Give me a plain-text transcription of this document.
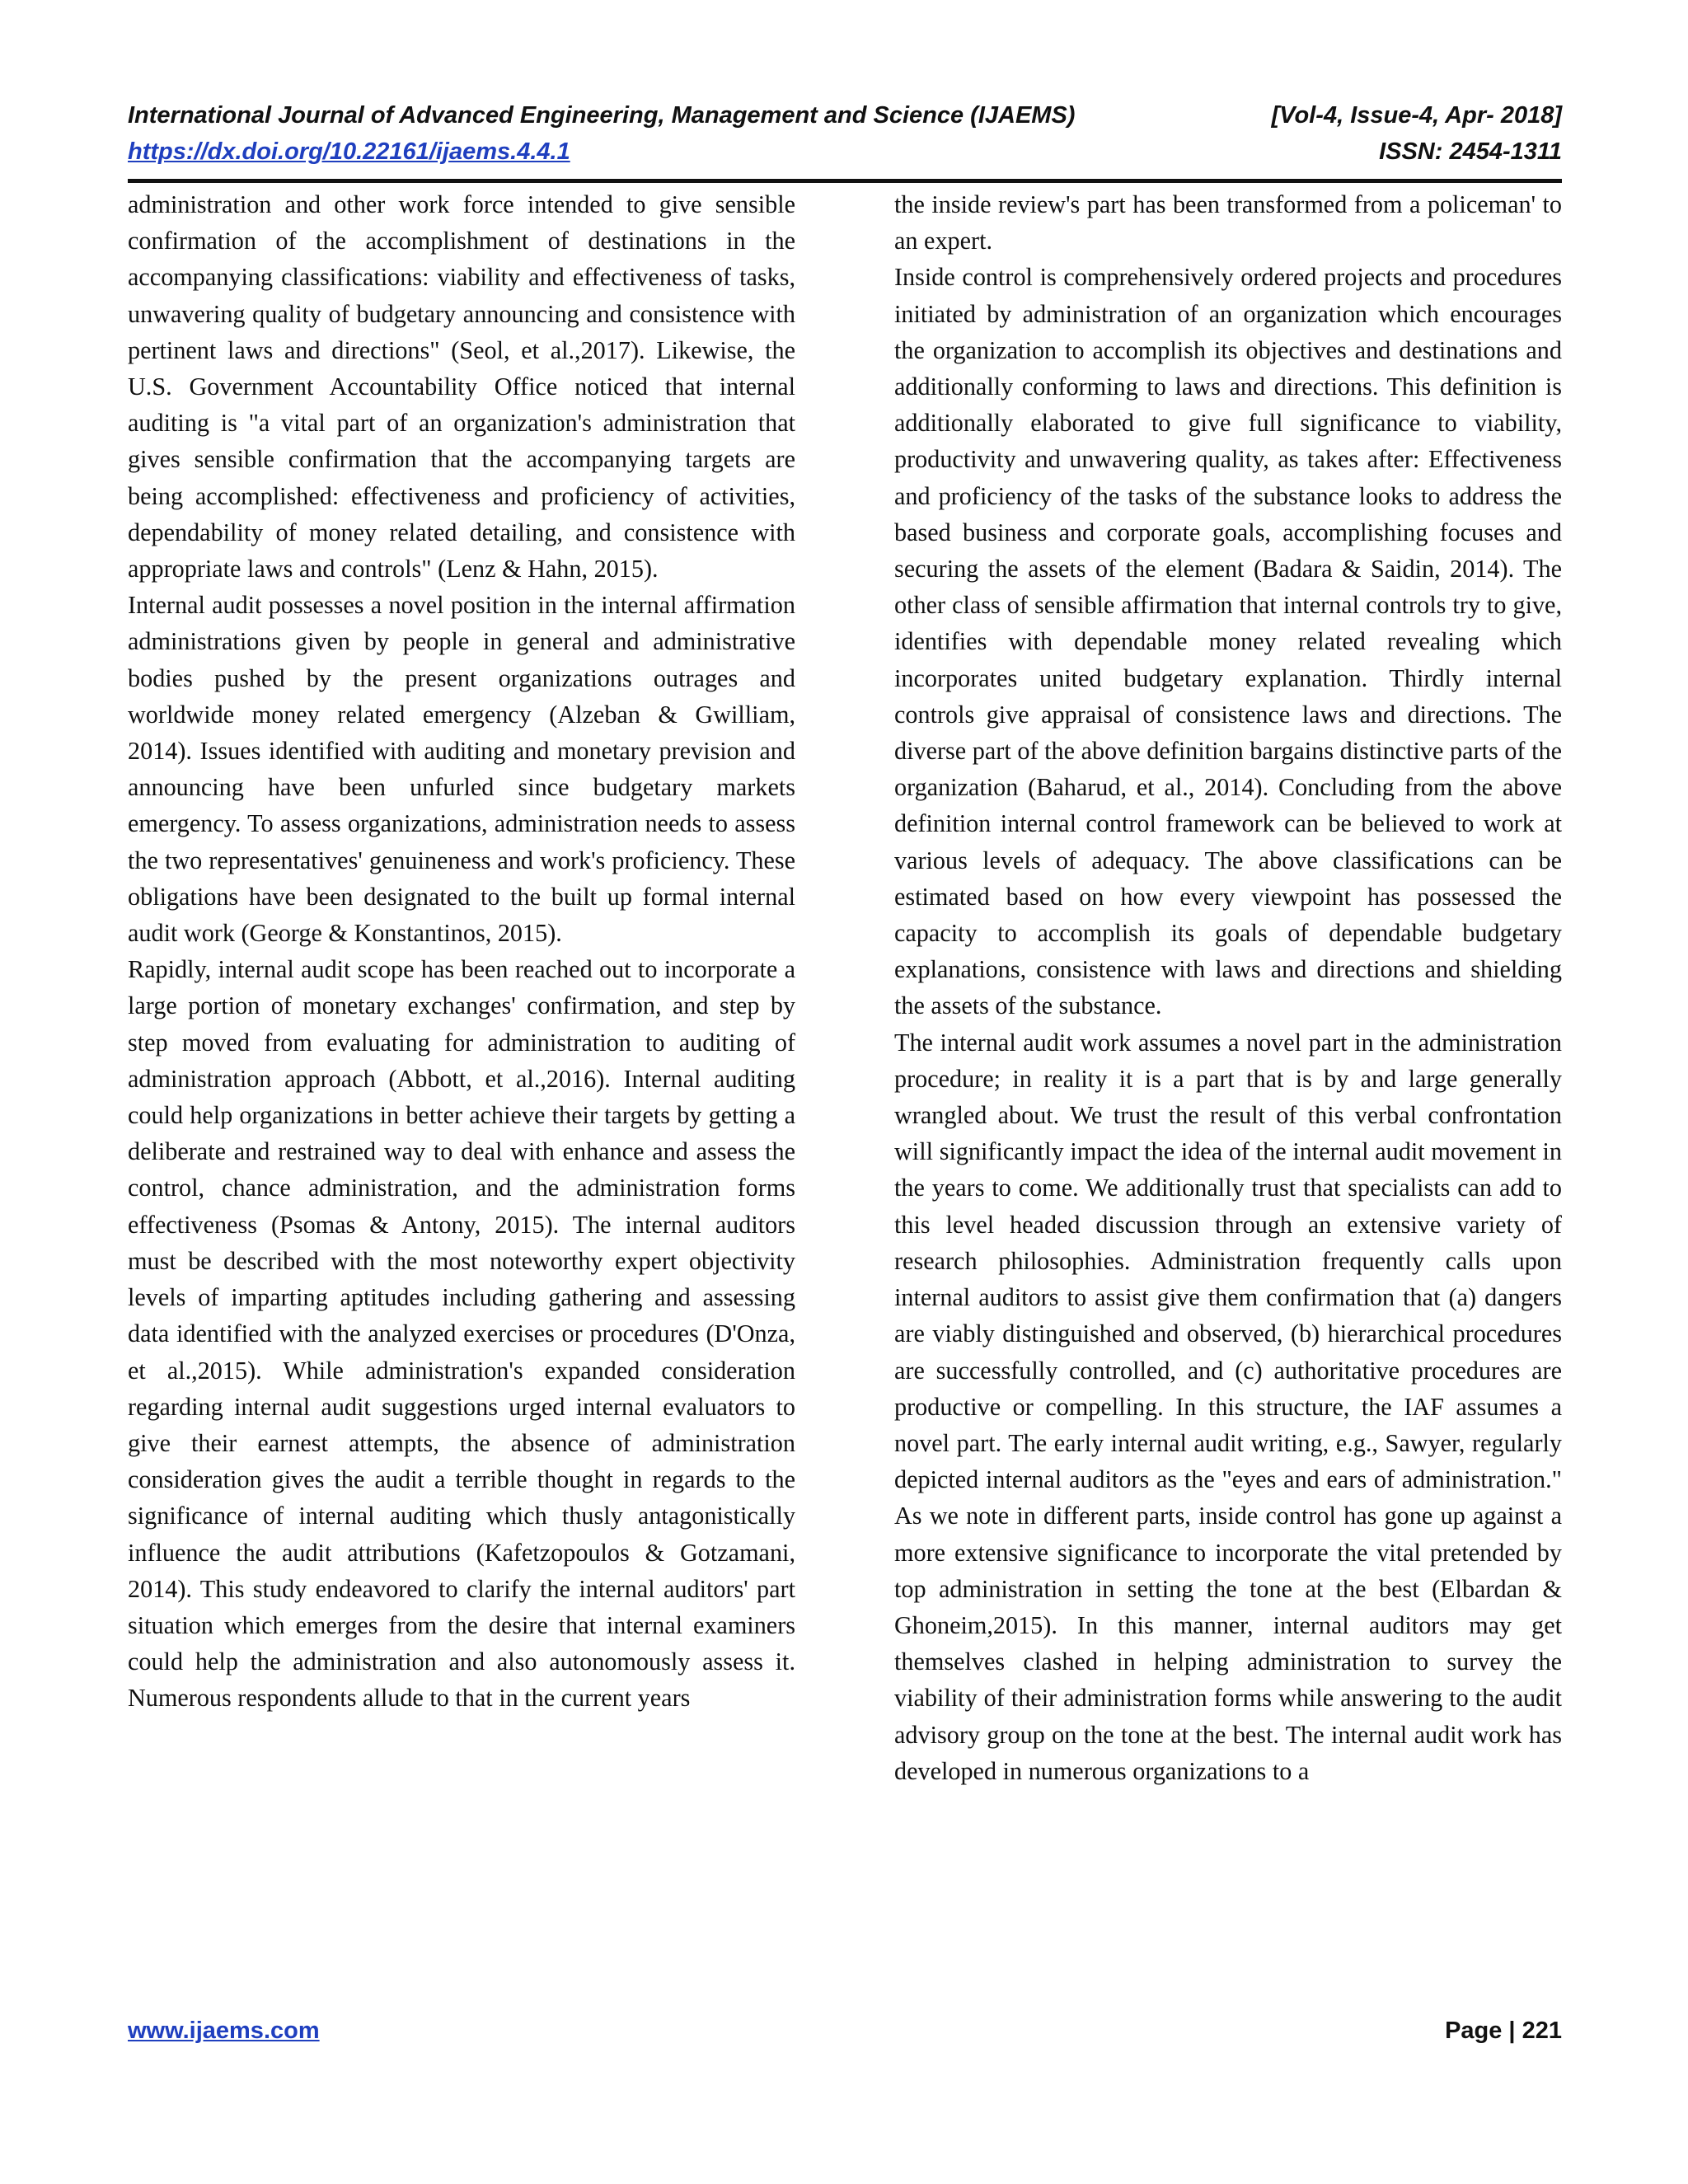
International Journal of Advanced Engineering, Management and Science (IJAEMS)	[Vol-4, Issue-4, Apr- 2018]
https://dx.doi.org/10.22161/ijaems.4.4.1	ISSN: 2454-1311

administration and other work force intended to give sensible confirmation of the accomplishment of destinations in the accompanying classifications: viability and effectiveness of tasks, unwavering quality of budgetary announcing and consistence with pertinent laws and directions" (Seol, et al.,2017). Likewise, the U.S. Government Accountability Office noticed that internal auditing is "a vital part of an organization's administration that gives sensible confirmation that the accompanying targets are being accomplished: effectiveness and proficiency of activities, dependability of money related detailing, and consistence with appropriate laws and controls" (Lenz & Hahn, 2015).

Internal audit possesses a novel position in the internal affirmation administrations given by people in general and administrative bodies pushed by the present organizations outrages and worldwide money related emergency (Alzeban & Gwilliam, 2014). Issues identified with auditing and monetary prevision and announcing have been unfurled since budgetary markets emergency. To assess organizations, administration needs to assess the two representatives' genuineness and work's proficiency. These obligations have been designated to the built up formal internal audit work (George & Konstantinos, 2015).

Rapidly, internal audit scope has been reached out to incorporate a large portion of monetary exchanges' confirmation, and step by step moved from evaluating for administration to auditing of administration approach (Abbott, et al.,2016). Internal auditing could help organizations in better achieve their targets by getting a deliberate and restrained way to deal with enhance and assess the control, chance administration, and the administration forms effectiveness (Psomas & Antony, 2015). The internal auditors must be described with the most noteworthy expert objectivity levels of imparting aptitudes including gathering and assessing data identified with the analyzed exercises or procedures (D'Onza, et al.,2015). While administration's expanded consideration regarding internal audit suggestions urged internal evaluators to give their earnest attempts, the absence of administration consideration gives the audit a terrible thought in regards to the significance of internal auditing which thusly antagonistically influence the audit attributions (Kafetzopoulos & Gotzamani, 2014). This study endeavored to clarify the internal auditors' part situation which emerges from the desire that internal examiners could help the administration and also autonomously assess it. Numerous respondents allude to that in the current years

the inside review's part has been transformed from a policeman' to an expert.

Inside control is comprehensively ordered projects and procedures initiated by administration of an organization which encourages the organization to accomplish its objectives and destinations and additionally conforming to laws and directions. This definition is additionally elaborated to give full significance to viability, productivity and unwavering quality, as takes after: Effectiveness and proficiency of the tasks of the substance looks to address the based business and corporate goals, accomplishing focuses and securing the assets of the element (Badara & Saidin, 2014). The other class of sensible affirmation that internal controls try to give, identifies with dependable money related revealing which incorporates united budgetary explanation. Thirdly internal controls give appraisal of consistence laws and directions. The diverse part of the above definition bargains distinctive parts of the organization (Baharud, et al., 2014). Concluding from the above definition internal control framework can be believed to work at various levels of adequacy. The above classifications can be estimated based on how every viewpoint has possessed the capacity to accomplish its goals of dependable budgetary explanations, consistence with laws and directions and shielding the assets of the substance.

The internal audit work assumes a novel part in the administration procedure; in reality it is a part that is by and large generally wrangled about. We trust the result of this verbal confrontation will significantly impact the idea of the internal audit movement in the years to come. We additionally trust that specialists can add to this level headed discussion through an extensive variety of research philosophies. Administration frequently calls upon internal auditors to assist give them confirmation that (a) dangers are viably distinguished and observed, (b) hierarchical procedures are successfully controlled, and (c) authoritative procedures are productive or compelling. In this structure, the IAF assumes a novel part. The early internal audit writing, e.g., Sawyer, regularly depicted internal auditors as the "eyes and ears of administration." As we note in different parts, inside control has gone up against a more extensive significance to incorporate the vital pretended by top administration in setting the tone at the best (Elbardan & Ghoneim,2015). In this manner, internal auditors may get themselves clashed in helping administration to survey the viability of their administration forms while answering to the audit advisory group on the tone at the best. The internal audit work has developed in numerous organizations to a

www.ijaems.com	Page | 221
